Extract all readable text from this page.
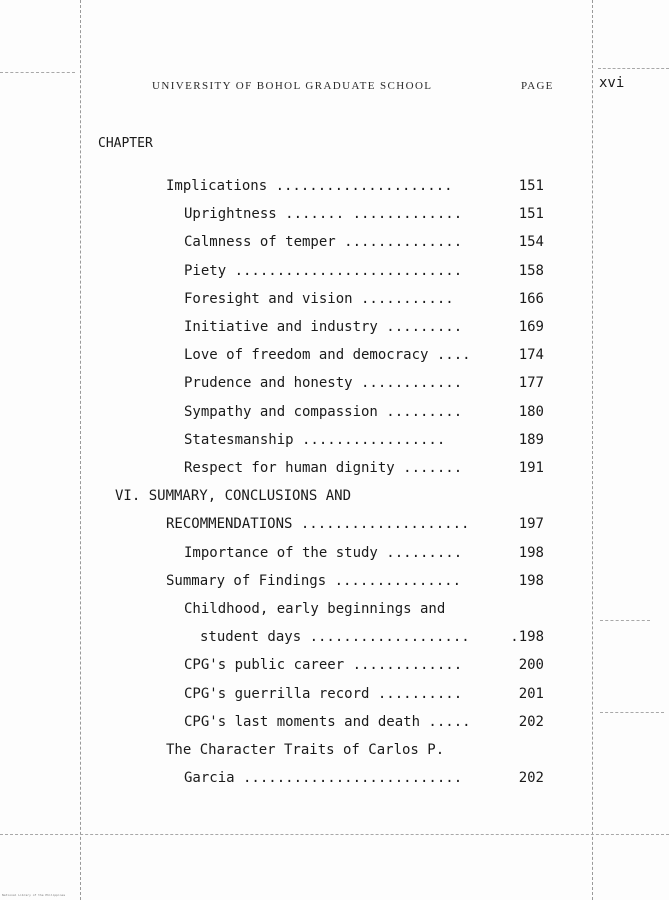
UNIVERSITY OF BOHOL GRADUATE SCHOOL	PAGE	xvi
CHAPTER
Implications .....................	151
Uprightness ....... .............	151
Calmness of temper ..............	154
Piety ...........................	158
Foresight and vision ...........	166
Initiative and industry .........	169
Love of freedom and democracy ....	174
Prudence and honesty ............	177
Sympathy and compassion .........	180
Statesmanship .................	189
Respect for human dignity .......	191
VI. SUMMARY, CONCLUSIONS AND
RECOMMENDATIONS ....................	197
Importance of the study .........	198
Summary of Findings ...............	198
Childhood, early beginnings and
student days ...................	.198
CPG's public career .............	200
CPG's guerrilla record ..........	201
CPG's last moments and death .....	202
The Character Traits of Carlos P.
Garcia ..........................	202
National Library of the Philippines
